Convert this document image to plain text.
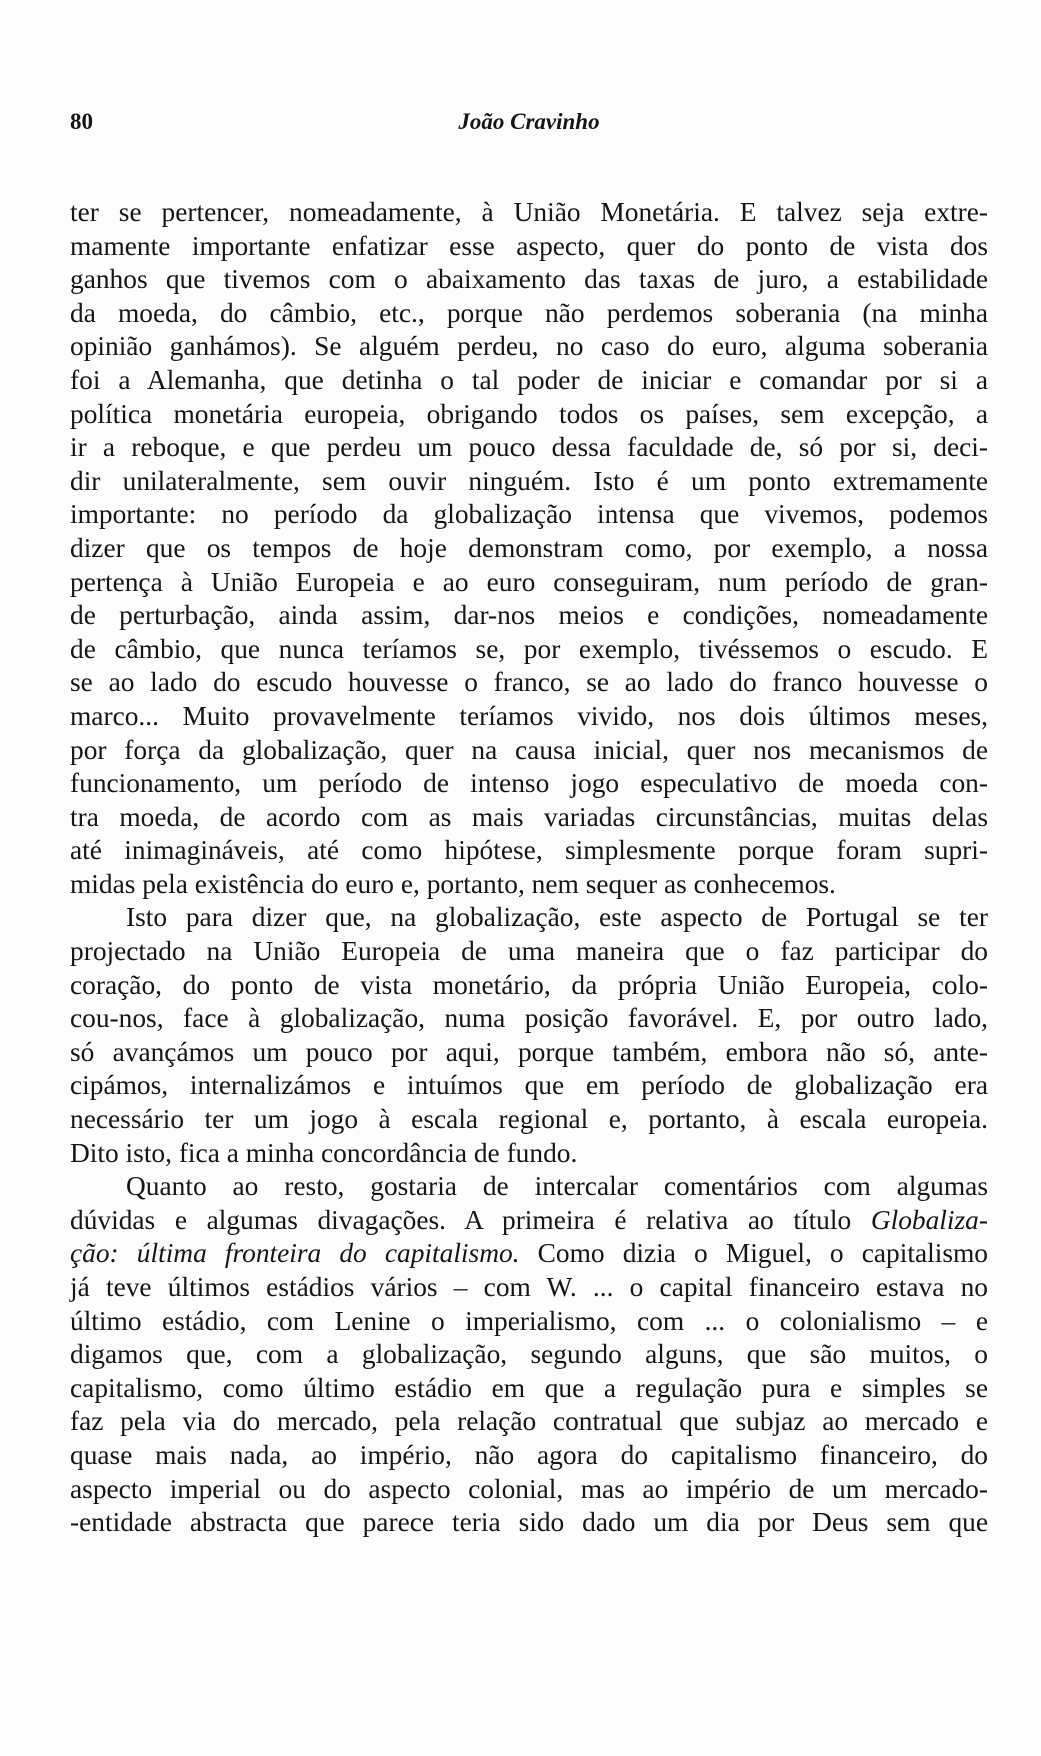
80	João Cravinho
ter se pertencer, nomeadamente, à União Monetária. E talvez seja extre-
mamente importante enfatizar esse aspecto, quer do ponto de vista dos
ganhos que tivemos com o abaixamento das taxas de juro, a estabilidade
da moeda, do câmbio, etc., porque não perdemos soberania (na minha
opinião ganhámos). Se alguém perdeu, no caso do euro, alguma soberania
foi a Alemanha, que detinha o tal poder de iniciar e comandar por si a
política monetária europeia, obrigando todos os países, sem excepção, a
ir a reboque, e que perdeu um pouco dessa faculdade de, só por si, deci-
dir unilateralmente, sem ouvir ninguém. Isto é um ponto extremamente
importante: no período da globalização intensa que vivemos, podemos
dizer que os tempos de hoje demonstram como, por exemplo, a nossa
pertença à União Europeia e ao euro conseguiram, num período de gran-
de perturbação, ainda assim, dar-nos meios e condições, nomeadamente
de câmbio, que nunca teríamos se, por exemplo, tivéssemos o escudo. E
se ao lado do escudo houvesse o franco, se ao lado do franco houvesse o
marco... Muito provavelmente teríamos vivido, nos dois últimos meses,
por força da globalização, quer na causa inicial, quer nos mecanismos de
funcionamento, um período de intenso jogo especulativo de moeda con-
tra moeda, de acordo com as mais variadas circunstâncias, muitas delas
até inimagináveis, até como hipótese, simplesmente porque foram supri-
midas pela existência do euro e, portanto, nem sequer as conhecemos.
Isto para dizer que, na globalização, este aspecto de Portugal se ter
projectado na União Europeia de uma maneira que o faz participar do
coração, do ponto de vista monetário, da própria União Europeia, colo-
cou-nos, face à globalização, numa posição favorável. E, por outro lado,
só avançámos um pouco por aqui, porque também, embora não só, ante-
cipámos, internalizámos e intuímos que em período de globalização era
necessário ter um jogo à escala regional e, portanto, à escala europeia.
Dito isto, fica a minha concordância de fundo.
Quanto ao resto, gostaria de intercalar comentários com algumas
dúvidas e algumas divagações. A primeira é relativa ao título Globaliza-
ção: última fronteira do capitalismo. Como dizia o Miguel, o capitalismo
já teve últimos estádios vários – com W. ... o capital financeiro estava no
último estádio, com Lenine o imperialismo, com ... o colonialismo – e
digamos que, com a globalização, segundo alguns, que são muitos, o
capitalismo, como último estádio em que a regulação pura e simples se
faz pela via do mercado, pela relação contratual que subjaz ao mercado e
quase mais nada, ao império, não agora do capitalismo financeiro, do
aspecto imperial ou do aspecto colonial, mas ao império de um mercado-
-entidade abstracta que parece teria sido dado um dia por Deus sem que
